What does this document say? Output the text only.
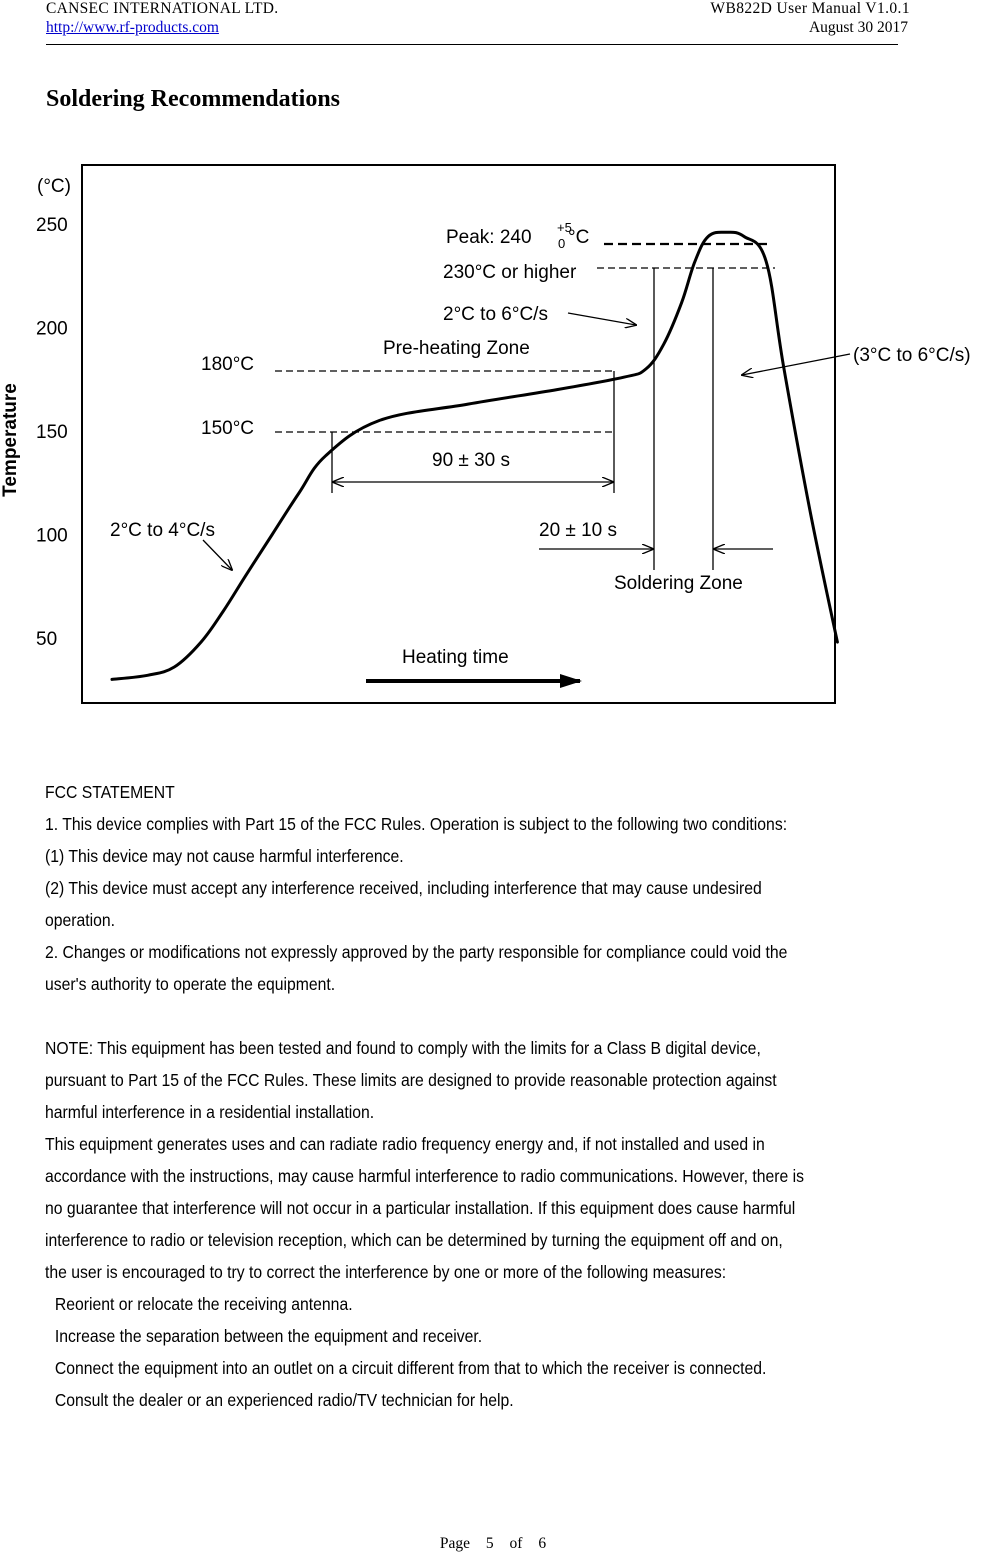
CANSEC INTERNATIONAL LTD.
http://www.rf-products.com
WB822D User Manual V1.0.1
August 30 2017
Soldering Recommendations
(°C)
Temperature
250
200
150
100
50
Peak: 240 +5
0 °C
230°C or higher
2°C to 6°C/s
Pre-heating Zone
180°C
150°C
90 ± 30 s
2°C to 4°C/s	20 ± 10 s
Soldering Zone
(3°C to 6°C/s)
Heating time

FCC STATEMENT

1. This device complies with Part 15 of the FCC Rules. Operation is subject to the following two conditions:

(1) This device may not cause harmful interference.

(2) This device must accept any interference received, including interference that may cause undesired

operation.

2. Changes or modifications not expressly approved by the party responsible for compliance could void the

user's authority to operate the equipment.

NOTE: This equipment has been tested and found to comply with the limits for a Class B digital device,

pursuant to Part 15 of the FCC Rules. These limits are designed to provide reasonable protection against

harmful interference in a residential installation.

This equipment generates uses and can radiate radio frequency energy and, if not installed and used in

accordance with the instructions, may cause harmful interference to radio communications. However, there is

no guarantee that interference will not occur in a particular installation. If this equipment does cause harmful

interference to radio or television reception, which can be determined by turning the equipment off and on,

the user is encouraged to try to correct the interference by one or more of the following measures:

Reorient or relocate the receiving antenna.

Increase the separation between the equipment and receiver.

Connect the equipment into an outlet on a circuit different from that to which the receiver is connected.

Consult the dealer or an experienced radio/TV technician for help.

Page 5 of 6
